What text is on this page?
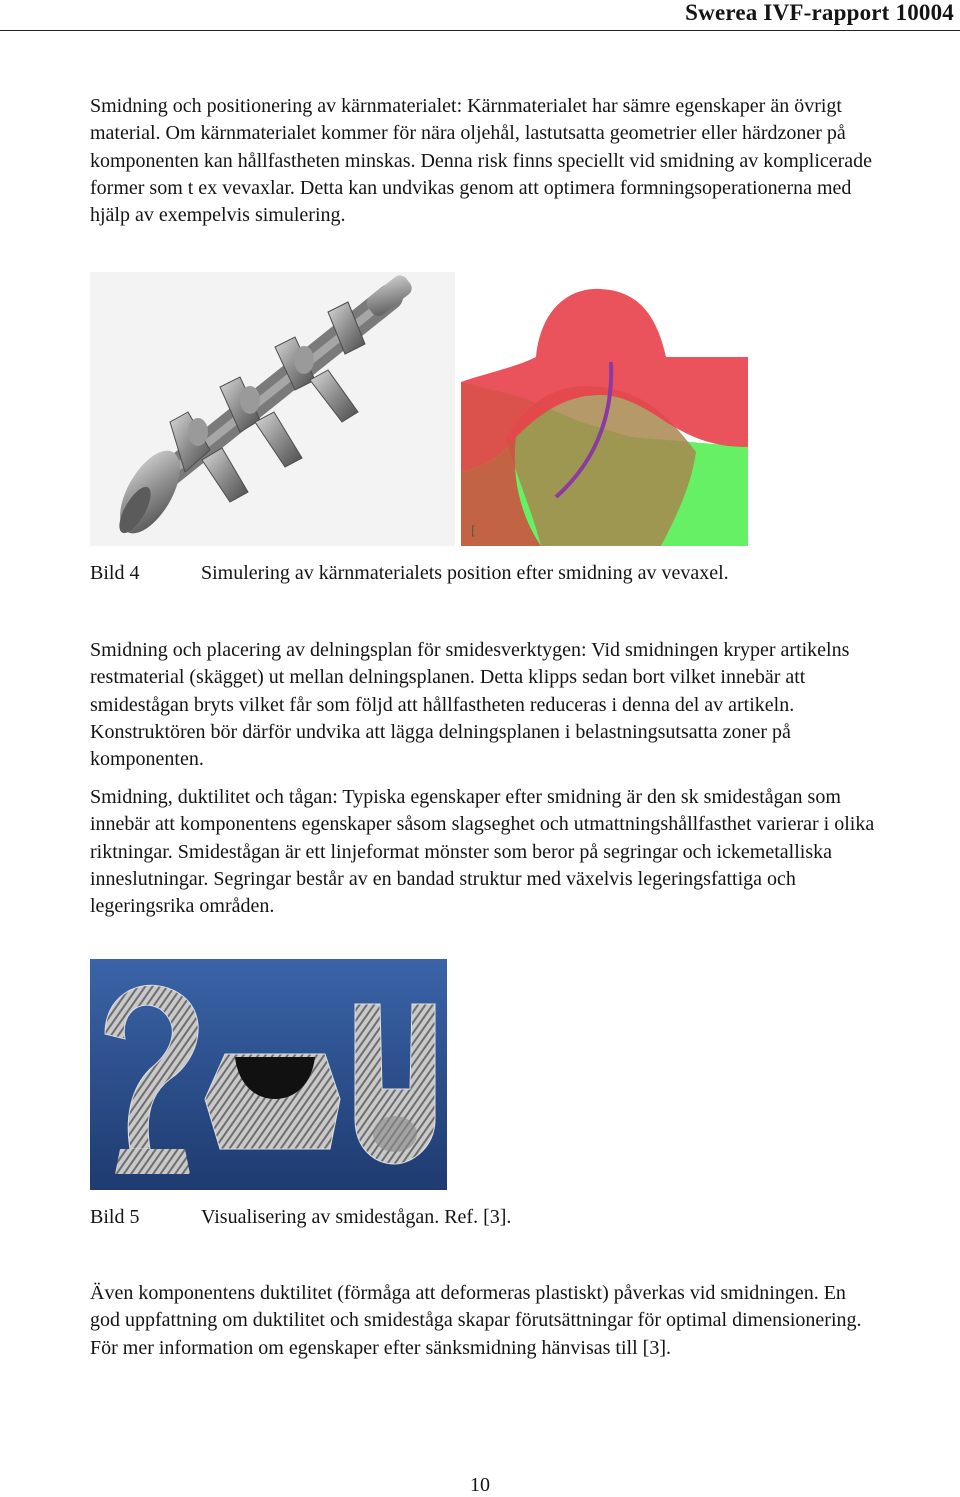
Swerea IVF-rapport 10004

Smidning och positionering av kärnmaterialet: Kärnmaterialet har sämre egenskaper än övrigt material. Om kärnmaterialet kommer för nära oljehål, lastutsatta geometrier eller härdzoner på komponenten kan hållfastheten minskas. Denna risk finns speciellt vid smidning av komplicerade former som t ex vevaxlar. Detta kan undvikas genom att optimera formningsoperationerna med hjälp av exempelvis simulering.

[
Bild 4	Simulering av kärnmaterialets position efter smidning av vevaxel.

Smidning och placering av delningsplan för smidesverktygen: Vid smidningen kryper artikelns restmaterial (skägget) ut mellan delningsplanen. Detta klipps sedan bort vilket innebär att smidestågan bryts vilket får som följd att hållfastheten reduceras i denna del av artikeln. Konstruktören bör därför undvika att lägga delningsplanen i belastningsutsatta zoner på komponenten.

Smidning, duktilitet och tågan: Typiska egenskaper efter smidning är den sk smidestågan som innebär att komponentens egenskaper såsom slagseghet och utmattningshållfasthet varierar i olika riktningar. Smidestågan är ett linjeformat mönster som beror på segringar och ickemetalliska inneslutningar. Segringar består av en bandad struktur med växelvis legeringsfattiga och legeringsrika områden.

Bild 5	Visualisering av smidestågan. Ref. [3].

Även komponentens duktilitet (förmåga att deformeras plastiskt) påverkas vid smidningen. En god uppfattning om duktilitet och smideståga skapar förutsättningar för optimal dimensionering. För mer information om egenskaper efter sänksmidning hänvisas till [3].

10
